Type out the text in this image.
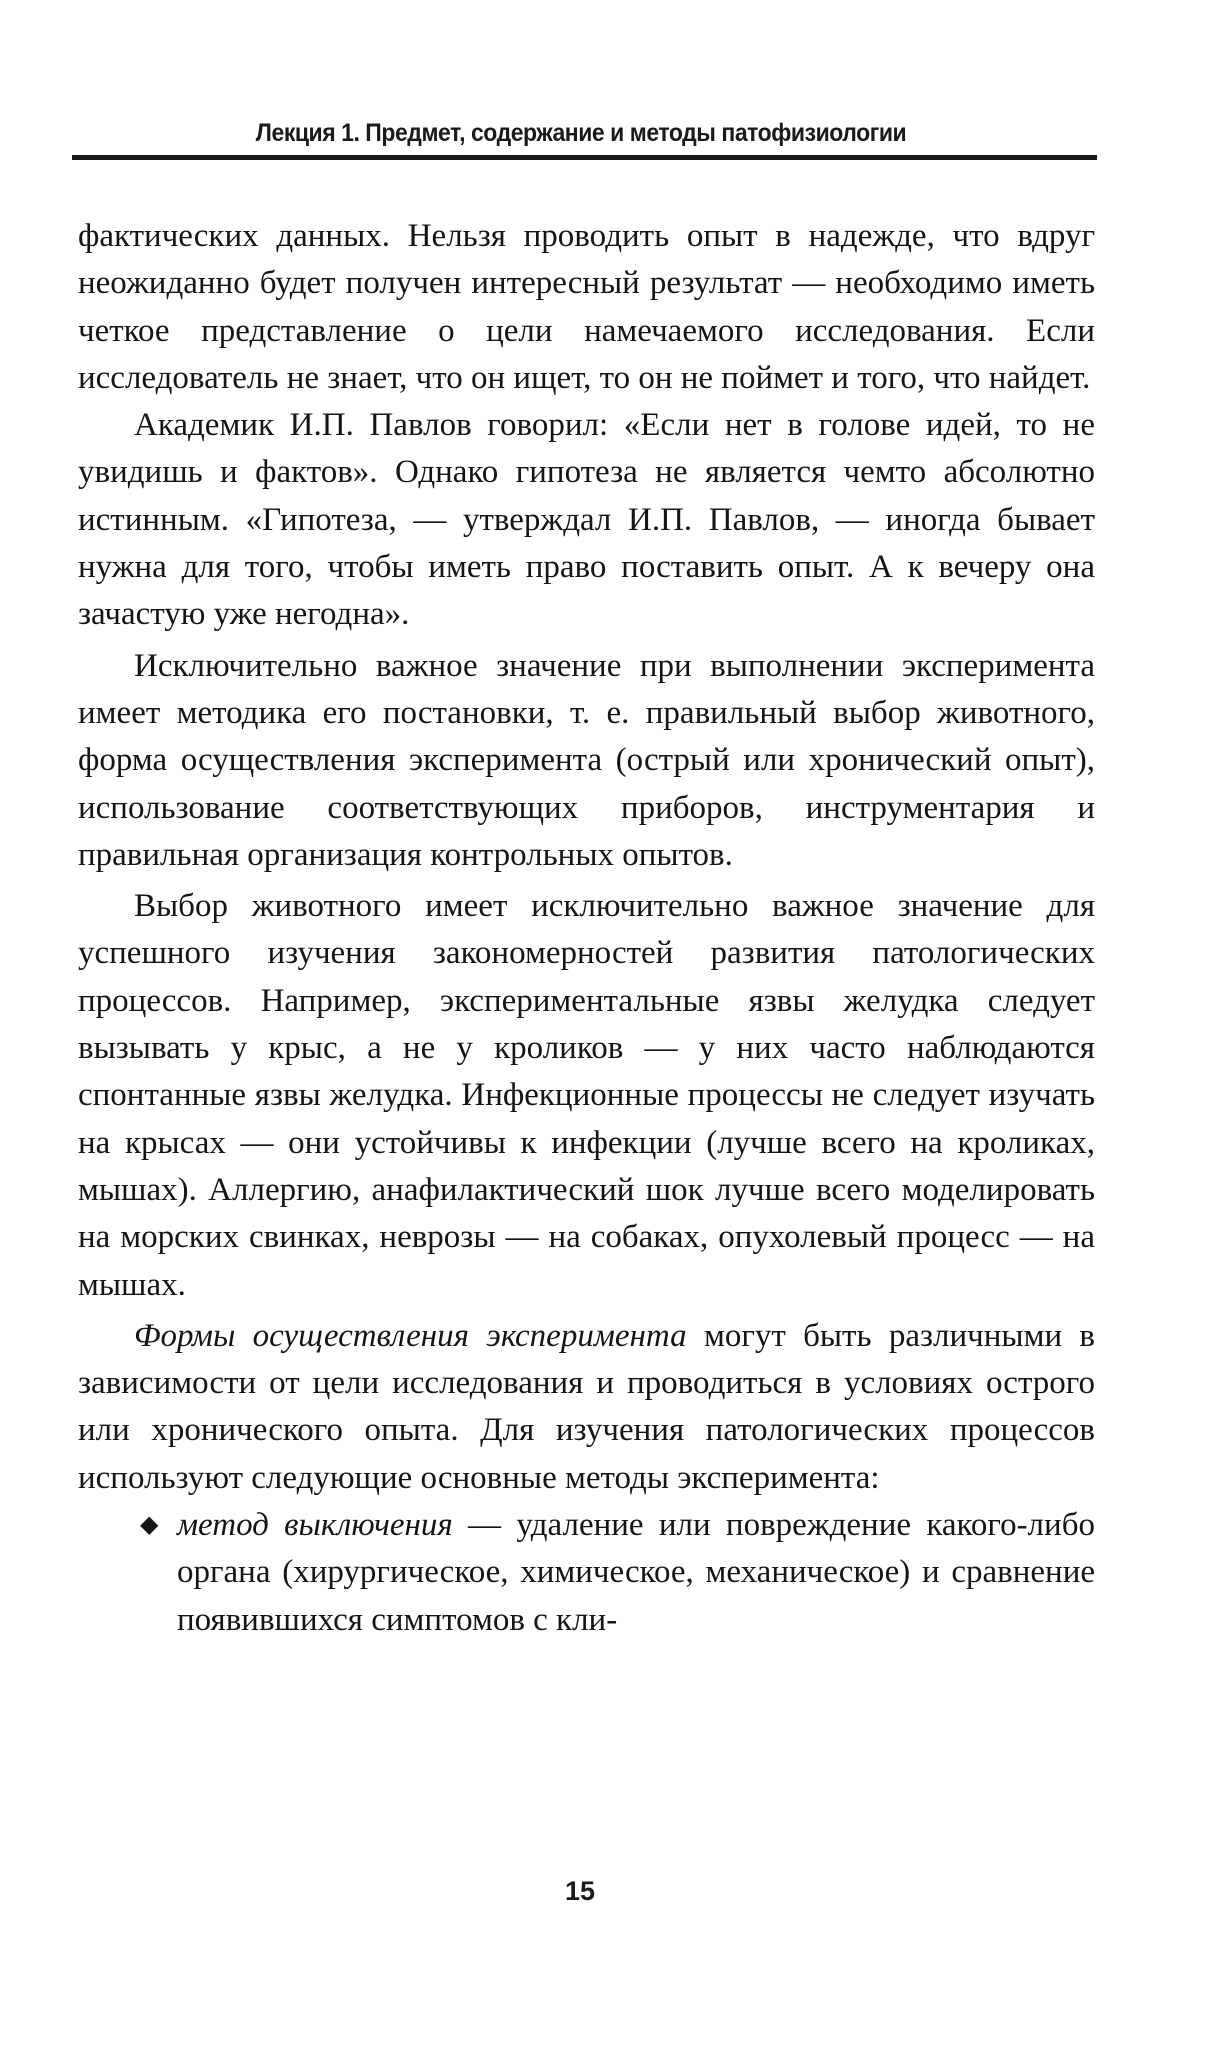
Лекция 1. Предмет, содержание и методы патофизиологии

фактических данных. Нельзя проводить опыт в надежде, что вдруг неожиданно будет получен интересный результат — необходимо иметь четкое представление о цели намечаемого исследования. Если исследователь не знает, что он ищет, то он не поймет и того, что найдет.

Академик И.П. Павлов говорил: «Если нет в голове идей, то не увидишь и фактов». Однако гипотеза не является чемто абсолютно истинным. «Гипотеза, — утверждал И.П. Павлов, — иногда бывает нужна для того, чтобы иметь право поставить опыт. А к вечеру она зачастую уже негодна».

Исключительно важное значение при выполнении эксперимента имеет методика его постановки, т. е. правильный выбор животного, форма осуществления эксперимента (острый или хронический опыт), использование соответствующих приборов, инструментария и правильная организация контрольных опытов.

Выбор животного имеет исключительно важное значение для успешного изучения закономерностей развития патологических процессов. Например, экспериментальные язвы желудка следует вызывать у крыс, а не у кроликов — у них часто наблюдаются спонтанные язвы желудка. Инфекционные процессы не следует изучать на крысах — они устойчивы к инфекции (лучше всего на кроликах, мышах). Аллергию, анафилактический шок лучше всего моделировать на морских свинках, неврозы — на собаках, опухолевый процесс — на мышах.

Формы осуществления эксперимента могут быть различными в зависимости от цели исследования и проводиться в условиях острого или хронического опыта. Для изучения патологических процессов используют следующие основные методы эксперимента:

◆ метод выключения — удаление или повреждение какого-либо органа (хирургическое, химическое, механическое) и сравнение появившихся симптомов с кли-

15
